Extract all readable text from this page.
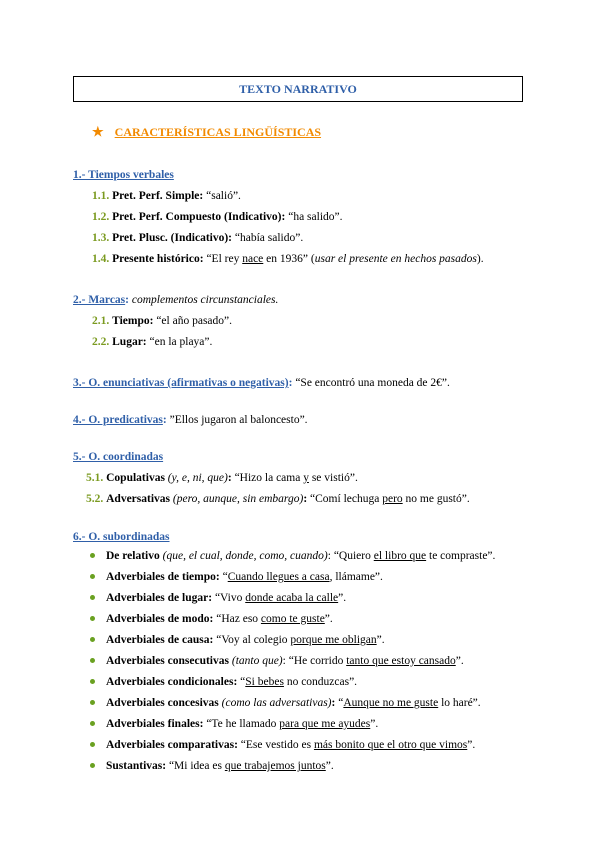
TEXTO NARRATIVO
★ CARACTERÍSTICAS LINGÜÍSTICAS
1.- Tiempos verbales
1.1. Pret. Perf. Simple: “salió”.
1.2. Pret. Perf. Compuesto (Indicativo): “ha salido”.
1.3. Pret. Plusc. (Indicativo): “había salido”.
1.4. Presente histórico: “El rey nace en 1936” (usar el presente en hechos pasados).
2.- Marcas: complementos circunstanciales.
2.1. Tiempo: “el año pasado”.
2.2. Lugar: “en la playa”.
3.- O. enunciativas (afirmativas o negativas): “Se encontró una moneda de 2€”.
4.- O. predicativas: ”Ellos jugaron al baloncesto”.
5.- O. coordinadas
5.1. Copulativas (y, e, ni, que): “Hizo la cama y se vistió”.
5.2. Adversativas (pero, aunque, sin embargo): “Comí lechuga pero no me gustó”.
6.- O. subordinadas
De relativo (que, el cual, donde, como, cuando): “Quiero el libro que te compraste”.
Adverbiales de tiempo: “Cuando llegues a casa, llámame”.
Adverbiales de lugar: “Vivo donde acaba la calle”.
Adverbiales de modo: “Haz eso como te guste”.
Adverbiales de causa: “Voy al colegio porque me obligan”.
Adverbiales consecutivas (tanto que): “He corrido tanto que estoy cansado”.
Adverbiales condicionales: “Si bebes no conduzcas”.
Adverbiales concesivas (como las adversativas): “Aunque no me guste lo haré”.
Adverbiales finales: “Te he llamado para que me ayudes”.
Adverbiales comparativas: “Ese vestido es más bonito que el otro que vimos”.
Sustantivas: “Mi idea es que trabajemos juntos”.
